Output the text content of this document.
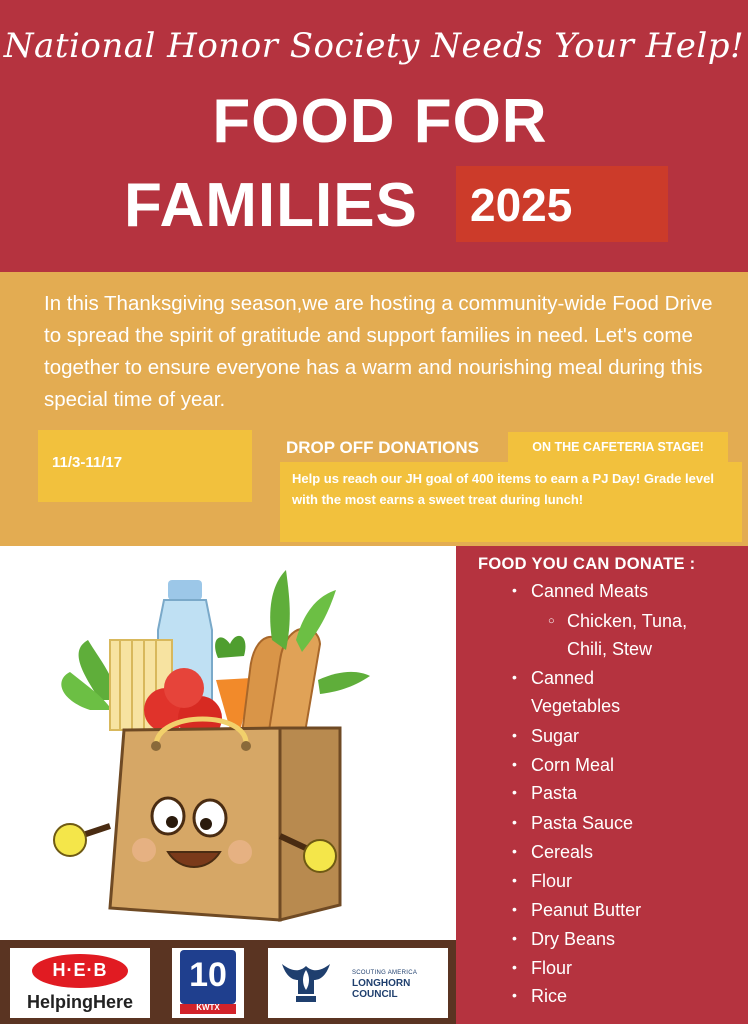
National Honor Society Needs Your Help!
FOOD FOR
FAMILIES 2025
In this Thanksgiving season,we are hosting a community-wide Food Drive to spread the spirit of gratitude and support families in need. Let's come together to ensure everyone has a warm and nourishing meal during this special time of year.
11/3-11/17
DROP OFF DONATIONS	ON THE CAFETERIA STAGE!
Help us reach our JH goal of 400 items to earn a PJ Day! Grade level with the most earns a sweet treat during lunch!
FOOD YOU CAN DONATE :
• Canned Meats
○ Chicken, Tuna,
Chili, Stew
• Canned
Vegetables
• Sugar
• Corn Meal
• Pasta
• Pasta Sauce
• Cereals
• Flour
• Peanut Butter
• Dry Beans
• Flour
• Rice
H·E·B
HelpingHere
10
KWTX
SCOUTING AMERICA
LONGHORN COUNCIL
